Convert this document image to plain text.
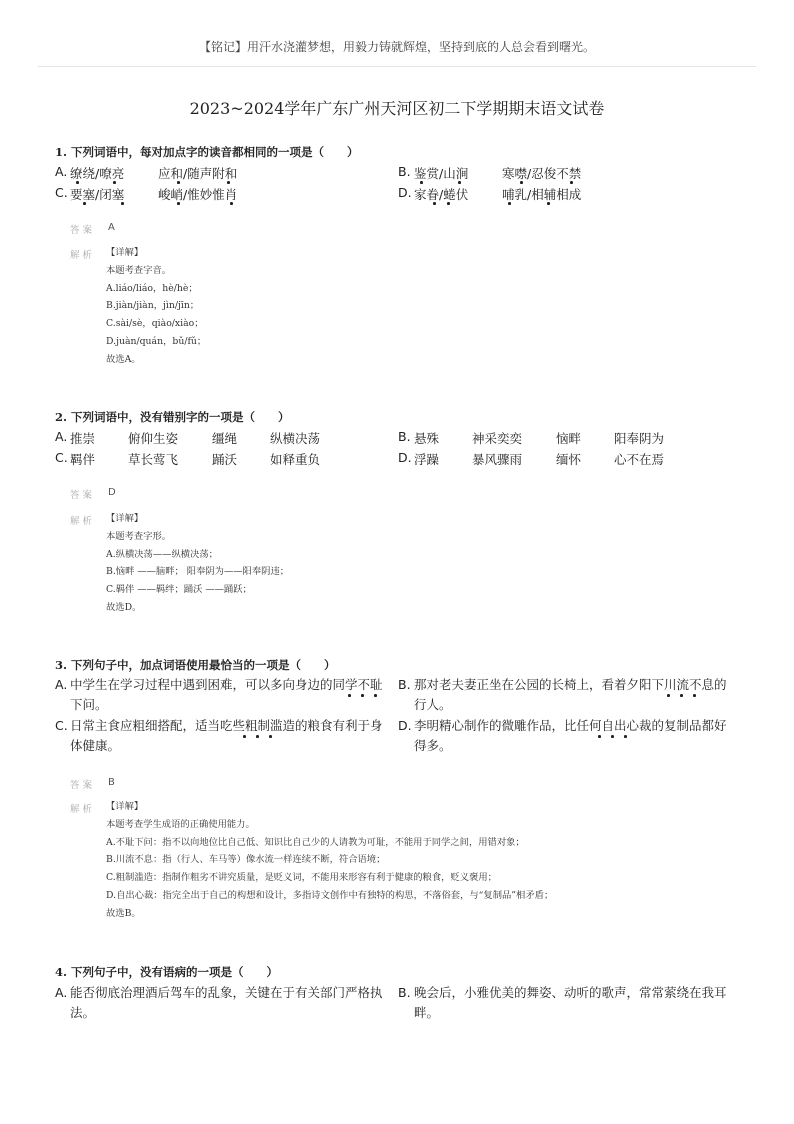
【铭记】用汗水浇灌梦想，用毅力铸就辉煌，坚持到底的人总会看到曙光。
2023~2024学年广东广州天河区初二下学期期末语文试卷
1. 下列词语中，每对加点字的读音都相同的一项是（　　）
A. 缭绕/嘹亮	应和/随声附和	B. 鉴赏/山涧	寒噤/忍俊不禁
C. 要塞/闭塞	峻峭/惟妙惟肖	D. 家眷/蜷伏	哺乳/相辅相成
答案 A
解析 【详解】
本题考查字音。
A.liáo/liáo，hè/hè；
B.jiàn/jiàn，jìn/jīn；
C.sài/sè，qiào/xiào；
D.juàn/quán，bǔ/fǔ；
故选A。
2. 下列词语中，没有错别字的一项是（　　）
A. 推崇	俯仰生姿	缰绳	纵横决荡	B. 悬殊	神采奕奕	恼畔	阳奉阴为
C. 羁伴	草长莺飞	踊沃	如释重负	D. 浮躁	暴风骤雨	缅怀	心不在焉
答案 D
解析 【详解】
本题考查字形。
A.纵横决荡——纵横决荡；
B.恼畔 ——脑畔； 阳奉阴为——阳奉阴违；
C.羁伴 ——羁绊；踊沃 ——踊跃；
故选D。
3. 下列句子中，加点词语使用最恰当的一项是（　　）
A. 中学生在学习过程中遇到困难，可以多向身边的同学不耻下问。
B. 那对老夫妻正坐在公园的长椅上，看着夕阳下川流不息的行人。
C. 日常主食应粗细搭配，适当吃些粗制滥造的粮食有利于身体健康。
D. 李明精心制作的微雕作品，比任何自出心裁的复制品都好得多。
答案 B
解析 【详解】
本题考查学生成语的正确使用能力。
A.不耻下问：指不以向地位比自己低、知识比自己少的人请教为可耻，不能用于同学之间，用错对象；
B.川流不息：指（行人、车马等）像水流一样连续不断，符合语境；
C.粗制滥造：指制作粗劣不讲究质量，是贬义词，不能用来形容有利于健康的粮食，贬义褒用；
D.自出心裁：指完全出于自己的构想和设计，多指诗文创作中有独特的构思，不落俗套，与“复制品”相矛盾；
故选B。
4. 下列句子中，没有语病的一项是（　　）
A. 能否彻底治理酒后驾车的乱象，关键在于有关部门严格执法。
B. 晚会后，小雅优美的舞姿、动听的歌声，常常萦绕在我耳畔。
